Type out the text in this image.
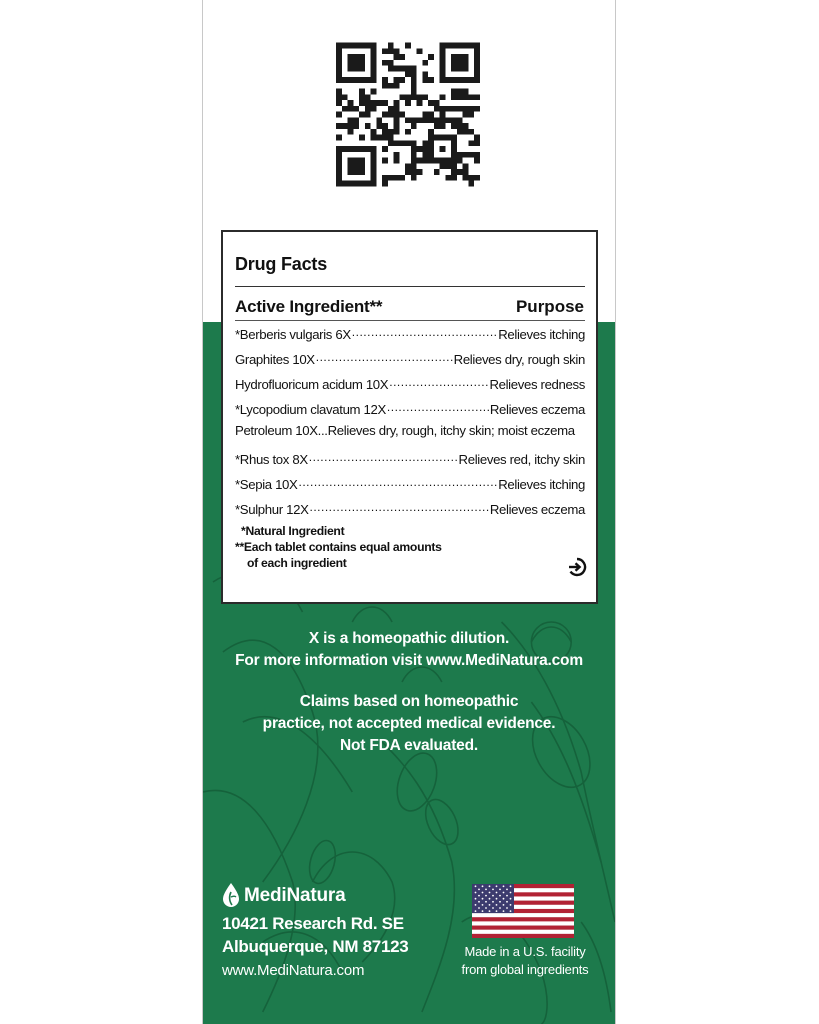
Drug Facts
Active Ingredient**	Purpose
*Berberis vulgaris 6X .....	Relieves itching
Graphites 10X .....	Relieves dry, rough skin
Hydrofluoricum acidum 10X .....	Relieves redness
*Lycopodium clavatum 12X .....	Relieves eczema
Petroleum 10X... Relieves dry, rough, itchy skin; moist eczema
*Rhus tox 8X .....	Relieves red, itchy skin
*Sepia 10X .....	Relieves itching
*Sulphur 12X .....	Relieves eczema
*Natural Ingredient
**Each tablet contains equal amounts
of each ingredient
X is a homeopathic dilution.
For more information visit www.MediNatura.com
Claims based on homeopathic
practice, not accepted medical evidence.
Not FDA evaluated.
MediNatura
10421 Research Rd. SE
Albuquerque, NM 87123
www.MediNatura.com
Made in a U.S. facility
from global ingredients
